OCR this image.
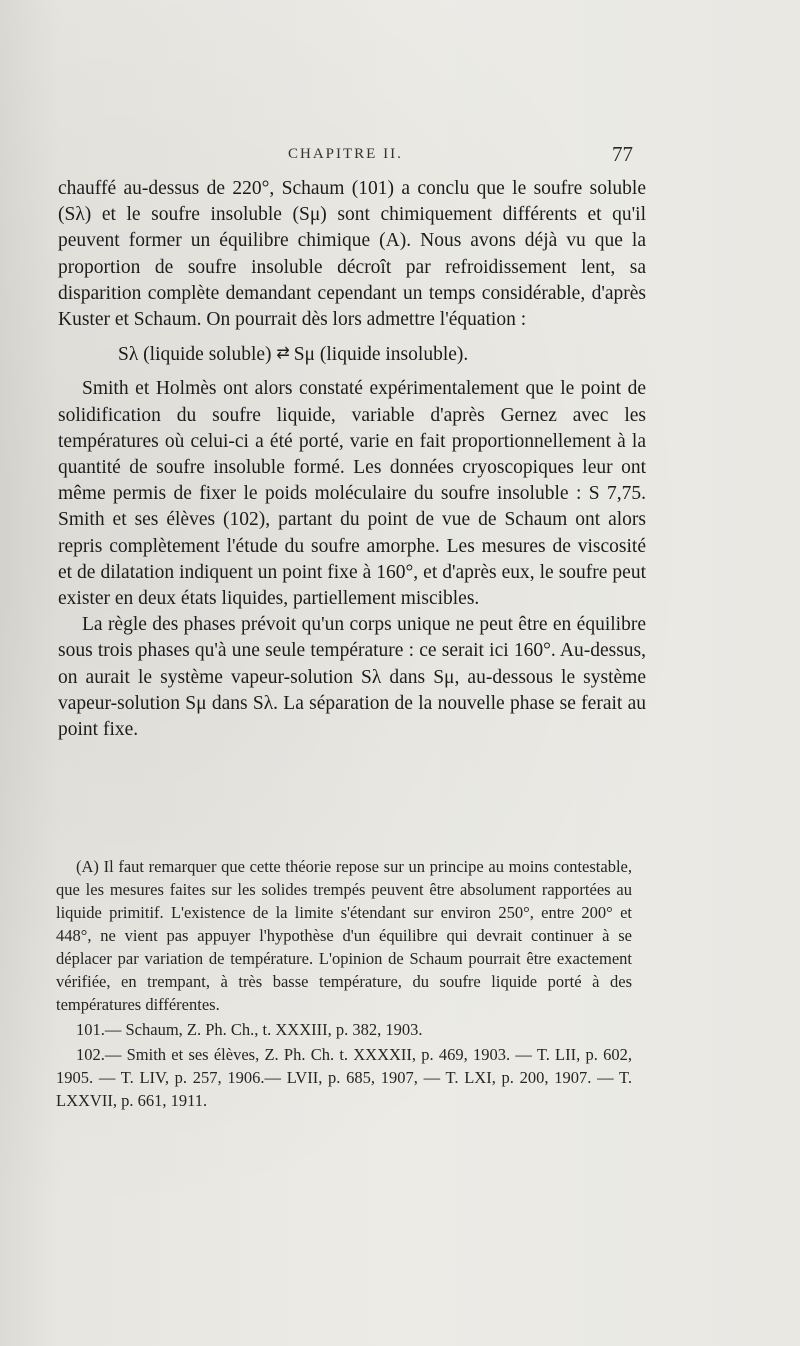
CHAPITRE II.	77

chauffé au-dessus de 220°, Schaum (101) a conclu que le soufre soluble (Sλ) et le soufre insoluble (Sμ) sont chimiquement différents et qu'il peuvent former un équilibre chimique (A). Nous avons déjà vu que la proportion de soufre insoluble décroît par refroidissement lent, sa disparition complète demandant cependant un temps considérable, d'après Kuster et Schaum. On pourrait dès lors admettre l'équation :

Sλ (liquide soluble) ⇄ Sμ (liquide insoluble).

Smith et Holmès ont alors constaté expérimentalement que le point de solidification du soufre liquide, variable d'après Gernez avec les températures où celui-ci a été porté, varie en fait proportionnellement à la quantité de soufre insoluble formé. Les données cryoscopiques leur ont même permis de fixer le poids moléculaire du soufre insoluble : S 7,75. Smith et ses élèves (102), partant du point de vue de Schaum ont alors repris complètement l'étude du soufre amorphe. Les mesures de viscosité et de dilatation indiquent un point fixe à 160°, et d'après eux, le soufre peut exister en deux états liquides, partiellement miscibles.

La règle des phases prévoit qu'un corps unique ne peut être en équilibre sous trois phases qu'à une seule température : ce serait ici 160°. Au-dessus, on aurait le système vapeur-solution Sλ dans Sμ, au-dessous le système vapeur-solution Sμ dans Sλ. La séparation de la nouvelle phase se ferait au point fixe.

(A) Il faut remarquer que cette théorie repose sur un principe au moins contestable, que les mesures faites sur les solides trempés peuvent être absolument rapportées au liquide primitif. L'existence de la limite s'étendant sur environ 250°, entre 200° et 448°, ne vient pas appuyer l'hypothèse d'un équilibre qui devrait continuer à se déplacer par variation de température. L'opinion de Schaum pourrait être exactement vérifiée, en trempant, à très basse température, du soufre liquide porté à des températures différentes.

101.— Schaum, Z. Ph. Ch., t. XXXIII, p. 382, 1903.

102.— Smith et ses élèves, Z. Ph. Ch. t. XXXXII, p. 469, 1903. — T. LII, p. 602, 1905. — T. LIV, p. 257, 1906.— LVII, p. 685, 1907, — T. LXI, p. 200, 1907. — T. LXXVII, p. 661, 1911.
